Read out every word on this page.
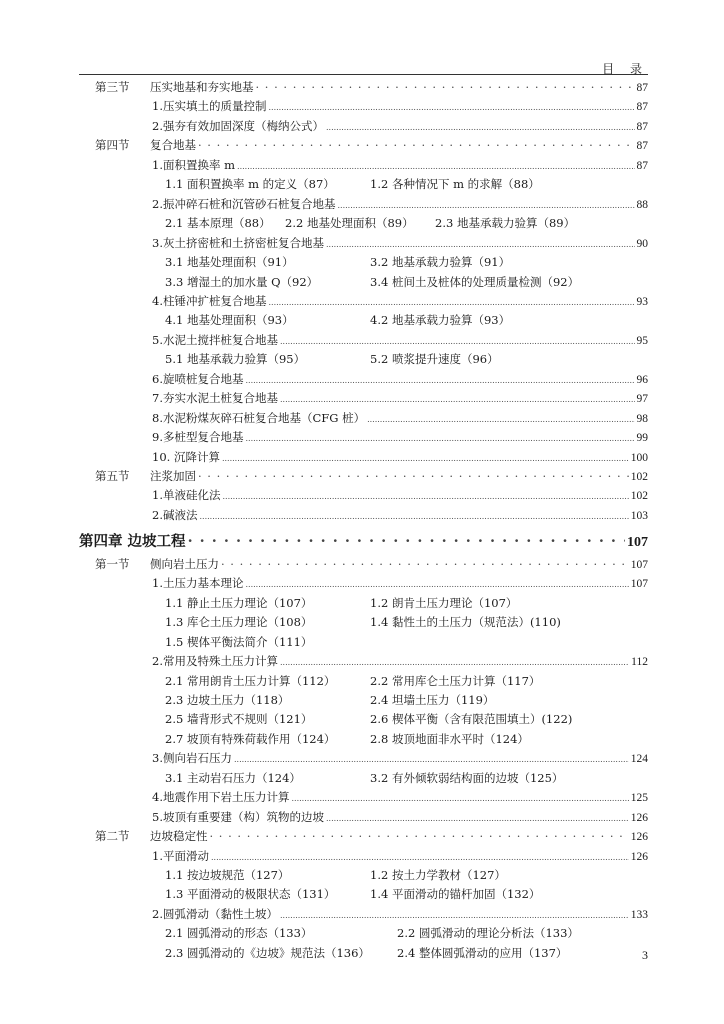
目 录
第三节 压实地基和夯实地基 · · ·	87
1.压实填土的质量控制 .....	87
2.强夯有效加固深度（梅纳公式） .....	87
第四节 复合地基 · · ·	87
1.面积置换率 m .....	87
1.1 面积置换率 m 的定义（87）	1.2 各种情况下 m 的求解（88）
2.振冲碎石桩和沉管砂石桩复合地基 .....	88
2.1 基本原理（88） 2.2 地基处理面积（89） 2.3 地基承载力验算（89）
3.灰土挤密桩和土挤密桩复合地基 .....	90
3.1 地基处理面积（91）	3.2 地基承载力验算（91）
3.3 增湿土的加水量 Q（92）	3.4 桩间土及桩体的处理质量检测（92）
4.柱锤冲扩桩复合地基 .....	93
4.1 地基处理面积（93）	4.2 地基承载力验算（93）
5.水泥土搅拌桩复合地基 .....	95
5.1 地基承载力验算（95）	5.2 喷浆提升速度（96）
6.旋喷桩复合地基 .....	96
7.夯实水泥土桩复合地基 .....	97
8.水泥粉煤灰碎石桩复合地基（CFG 桩） .....	98
9.多桩型复合地基 .....	99
10. 沉降计算 .....	100
第五节 注浆加固 · · ·	102
1.单液硅化法 .....	102
2.碱液法 .....	103
第四章 边坡工程 · · ·	107
第一节 侧向岩土压力 · · ·	107
1.土压力基本理论 .....	107
1.1 静止土压力理论（107）	1.2 朗肯土压力理论（107）
1.3 库仑土压力理论（108）	1.4 黏性土的土压力（规范法）(110)
1.5 楔体平衡法简介（111）
2.常用及特殊土压力计算 .....	112
2.1 常用朗肯土压力计算（112）	2.2 常用库仑土压力计算（117）
2.3 边坡土压力（118）	2.4 坦墙土压力（119）
2.5 墙背形式不规则（121）	2.6 楔体平衡（含有限范围填土）(122)
2.7 坡顶有特殊荷载作用（124）	2.8 坡顶地面非水平时（124）
3.侧向岩石压力 .....	124
3.1 主动岩石压力（124）	3.2 有外倾软弱结构面的边坡（125）
4.地震作用下岩土压力计算 .....	125
5.坡顶有重要建（构）筑物的边坡 .....	126
第二节 边坡稳定性 · · ·	126
1.平面滑动 .....	126
1.1 按边坡规范（127）	1.2 按土力学教材（127）
1.3 平面滑动的极限状态（131）	1.4 平面滑动的锚杆加固（132）
2.圆弧滑动（黏性土坡） .....	133
2.1 圆弧滑动的形态（133）	2.2 圆弧滑动的理论分析法（133）
2.3 圆弧滑动的《边坡》规范法（136） 2.4 整体圆弧滑动的应用（137）	3
